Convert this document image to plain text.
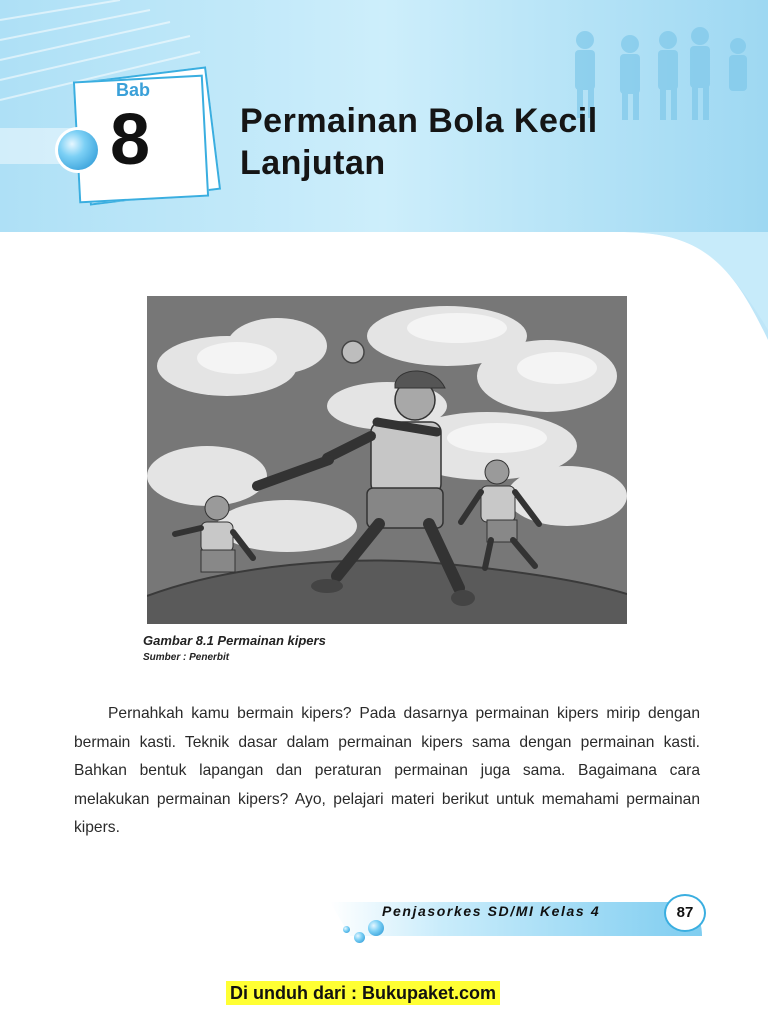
Bab
8	Permainan Bola Kecil
Lanjutan
Gambar 8.1 Permainan kipers
Sumber : Penerbit

Pernahkah kamu bermain kipers? Pada dasarnya permainan kipers mirip dengan bermain kasti. Teknik dasar dalam permainan kipers sama dengan permainan kasti. Bahkan bentuk lapangan dan peraturan permainan juga sama. Bagaimana cara melakukan permainan kipers? Ayo, pelajari materi berikut untuk memahami permainan kipers.

Penjasorkes SD/MI Kelas 4	87
Di unduh dari : Bukupaket.com
